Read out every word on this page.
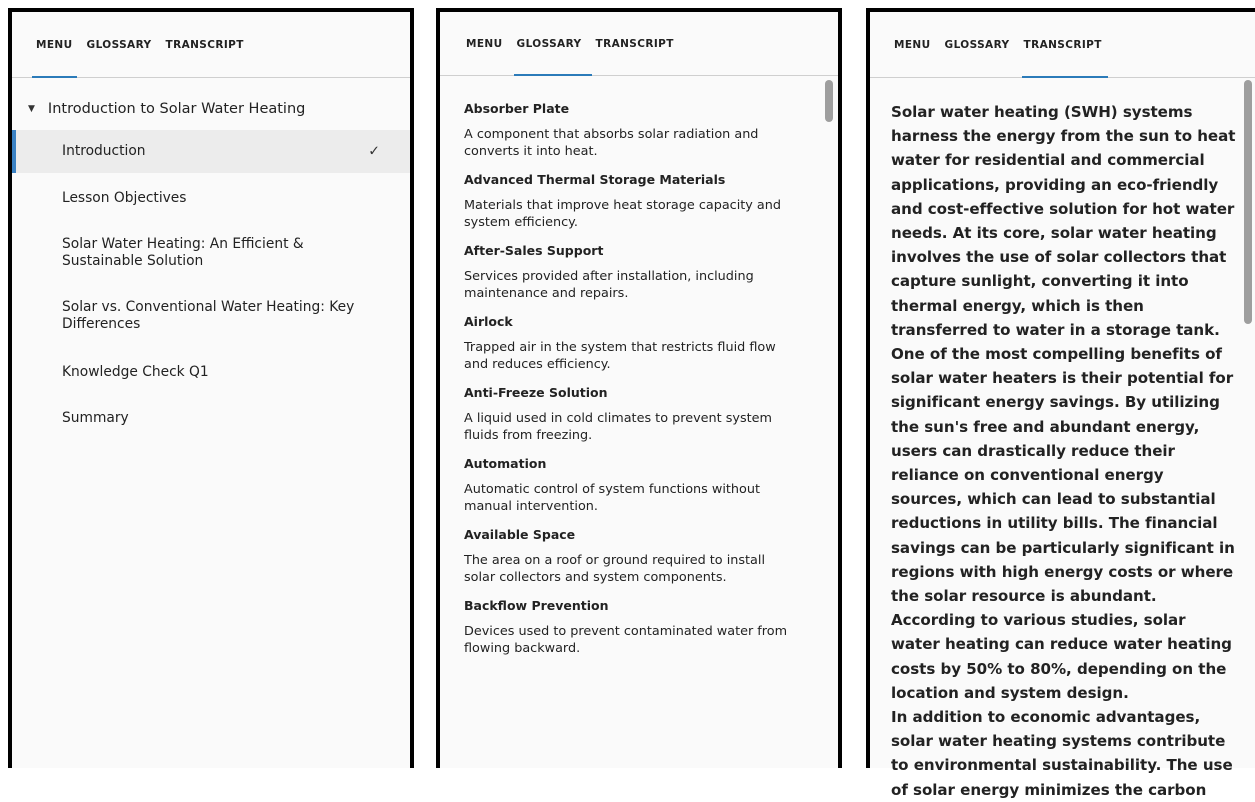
MENU GLOSSARY TRANSCRIPT
▼ Introduction to Solar Water Heating
Introduction	✓
Lesson Objectives
Solar Water Heating: An Efficient & Sustainable Solution
Solar vs. Conventional Water Heating: Key Differences
Knowledge Check Q1
Summary
MENU GLOSSARY TRANSCRIPT
Absorber Plate
A component that absorbs solar radiation and converts it into heat.
Advanced Thermal Storage Materials
Materials that improve heat storage capacity and system efficiency.
After-Sales Support
Services provided after installation, including maintenance and repairs.
Airlock
Trapped air in the system that restricts fluid flow and reduces efficiency.
Anti-Freeze Solution
A liquid used in cold climates to prevent system fluids from freezing.
Automation
Automatic control of system functions without manual intervention.
Available Space
The area on a roof or ground required to install solar collectors and system components.
Backflow Prevention
Devices used to prevent contaminated water from flowing backward.
MENU GLOSSARY TRANSCRIPT

Solar water heating (SWH) systems harness the energy from the sun to heat water for residential and commercial applications, providing an eco-friendly and cost-effective solution for hot water needs. At its core, solar water heating involves the use of solar collectors that capture sunlight, converting it into thermal energy, which is then transferred to water in a storage tank. One of the most compelling benefits of solar water heaters is their potential for significant energy savings. By utilizing the sun's free and abundant energy, users can drastically reduce their reliance on conventional energy sources, which can lead to substantial reductions in utility bills. The financial savings can be particularly significant in regions with high energy costs or where the solar resource is abundant. According to various studies, solar water heating can reduce water heating costs by 50% to 80%, depending on the location and system design.

In addition to economic advantages, solar water heating systems contribute to environmental sustainability. The use of solar energy minimizes the carbon
